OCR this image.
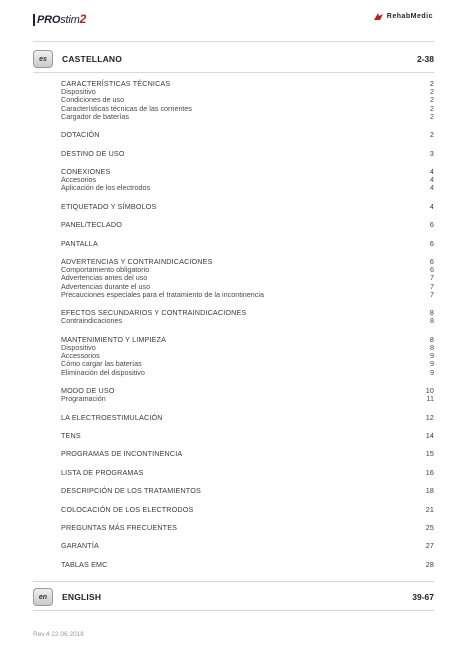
PROstim2	RehabMedic
es CASTELLANO	2-38
CARACTERÍSTICAS TÉCNICAS	2
Dispositivo	2
Condiciones de uso	2
Características técnicas de las corrientes	2
Cargador de baterías	2
DOTACIÓN	2
DESTINO DE USO	3
CONEXIONES	4
Accesorios	4
Aplicación de los electrodos	4
ETIQUETADO Y SÍMBOLOS	4
PANEL/TECLADO	6
PANTALLA	6
ADVERTENCIAS Y CONTRAINDICACIONES	6
Comportamiento obligatorio	6
Advertencias antes del uso	7
Advertencias durante el uso	7
Precauciones especiales para el tratamiento de la incontinencia	7
EFECTOS SECUNDARIOS Y CONTRAINDICACIONES	8
Contraindicaciones	8
MANTENIMIENTO Y LIMPIEZA	8
Dispositivo	8
Accessorios	9
Cómo cargar las baterías	9
Eliminación del dispositivo	9
MODO DE USO	10
Programación	11
LA ELECTROESTIMULACIÓN	12
TENS	14
PROGRAMAS DE INCONTINENCIA	15
LISTA DE PROGRAMAS	16
DESCRIPCIÓN DE LOS TRATAMIENTOS	18
COLOCACIÓN DE LOS ELECTRODOS	21
PREGUNTAS MÁS FRECUENTES	25
GARANTÍA	27
TABLAS EMC	28
en ENGLISH	39-67
Rev.4 22.06.2018
